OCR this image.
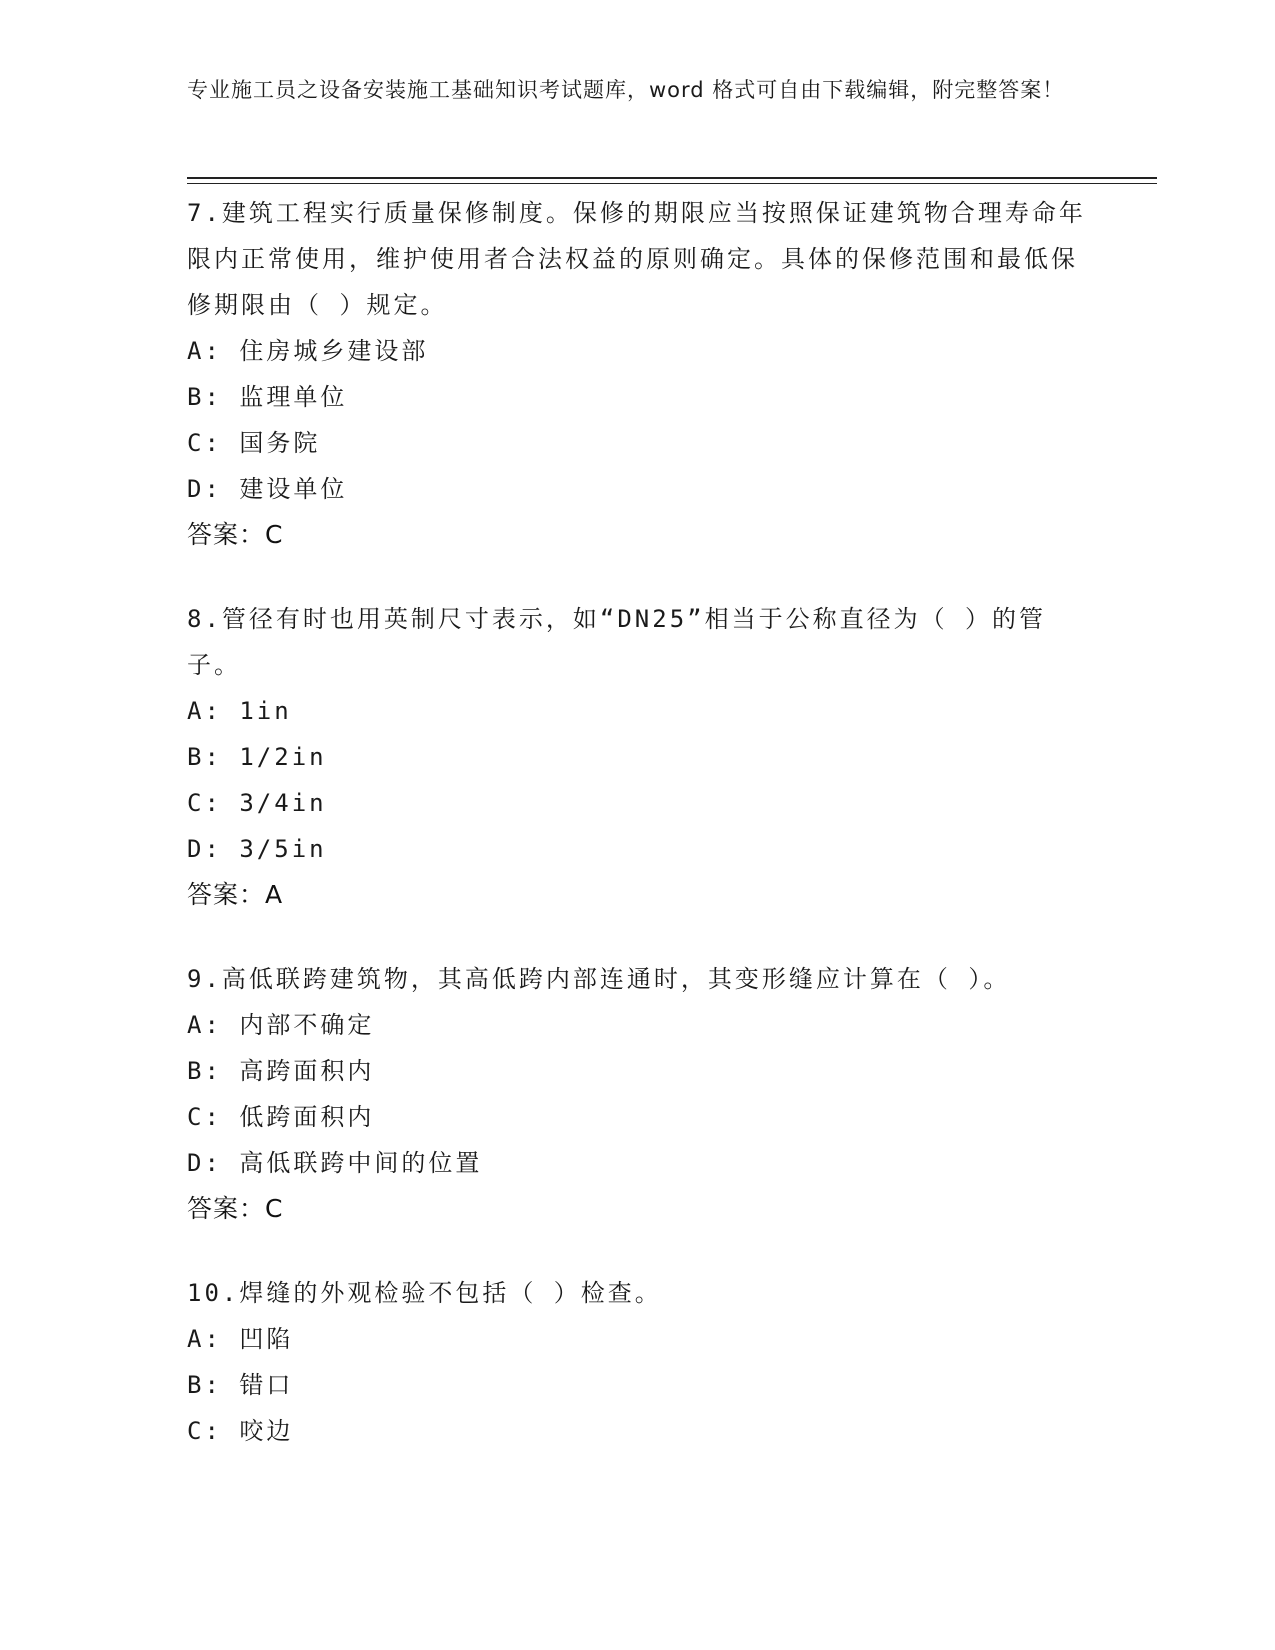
专业施工员之设备安装施工基础知识考试题库，word 格式可自由下载编辑，附完整答案！
7.建筑工程实行质量保修制度。保修的期限应当按照保证建筑物合理寿命年限内正常使用，维护使用者合法权益的原则确定。具体的保修范围和最低保修期限由（ ）规定。
A: 住房城乡建设部
B: 监理单位
C: 国务院
D: 建设单位
答案：C
8.管径有时也用英制尺寸表示，如“DN25”相当于公称直径为（ ）的管子。
A: 1in
B: 1/2in
C: 3/4in
D: 3/5in
答案：A
9.高低联跨建筑物，其高低跨内部连通时，其变形缝应计算在（ ）。
A: 内部不确定
B: 高跨面积内
C: 低跨面积内
D: 高低联跨中间的位置
答案：C
10.焊缝的外观检验不包括（ ）检查。
A: 凹陷
B: 错口
C: 咬边
